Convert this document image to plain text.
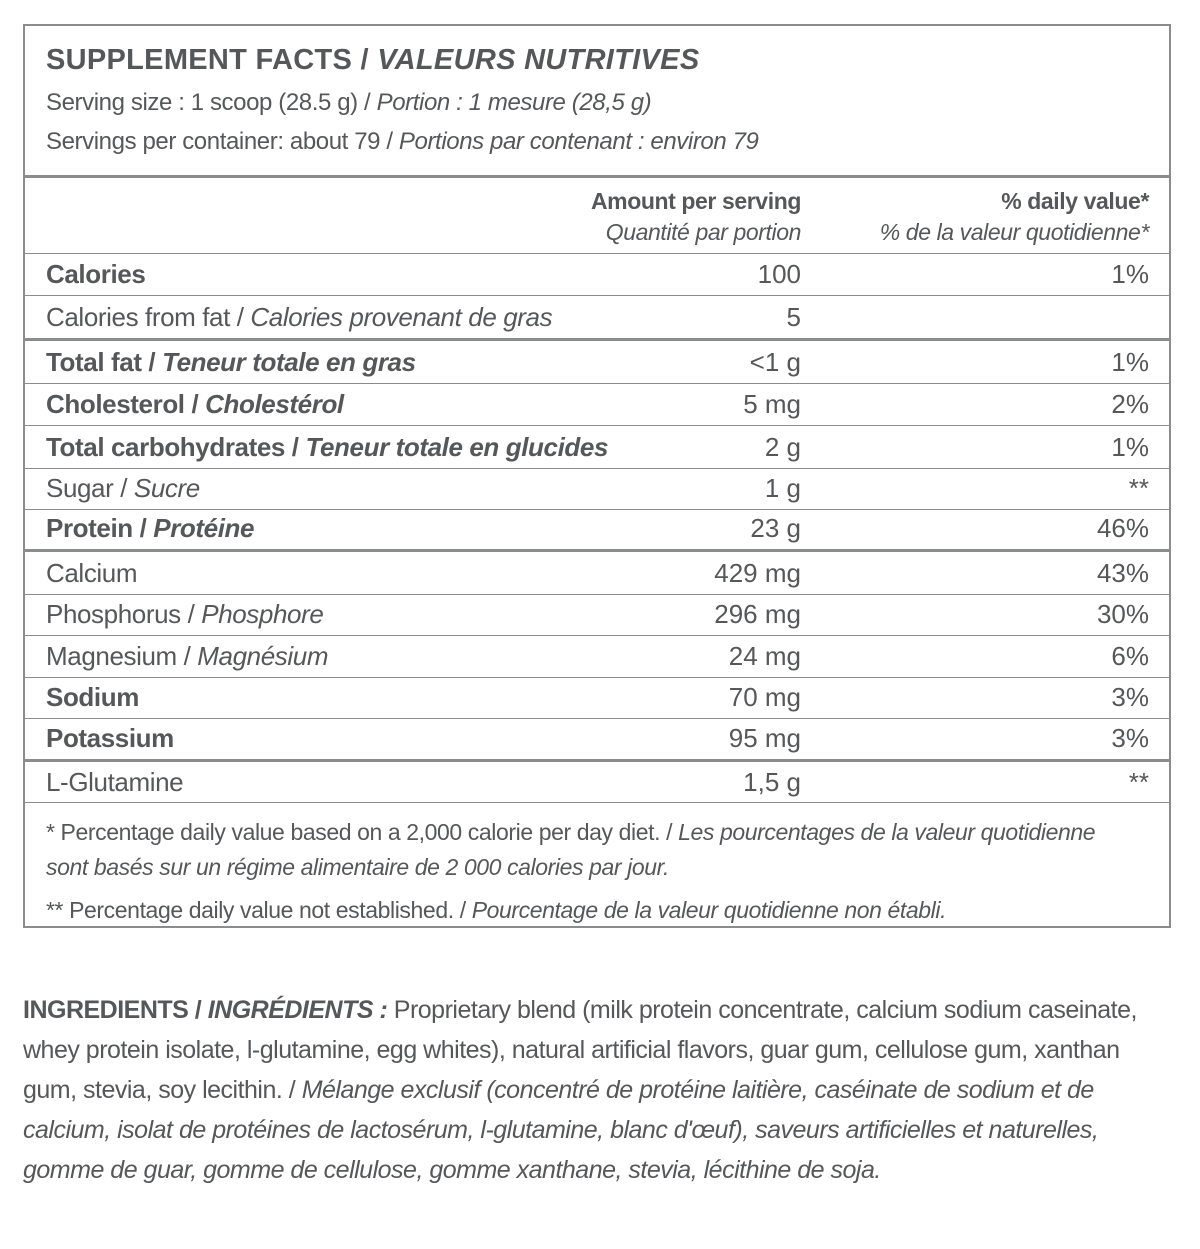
SUPPLEMENT FACTS / VALEURS NUTRITIVES
Serving size : 1 scoop (28.5 g) / Portion : 1 mesure (28,5 g)
Servings per container: about 79 / Portions par contenant : environ 79
Amount per serving
Quantité par portion
% daily value*
% de la valeur quotidienne*
Calories	100	1%
Calories from fat / Calories provenant de gras	5
Total fat / Teneur totale en gras	<1 g	1%
Cholesterol / Cholestérol	5 mg	2%
Total carbohydrates / Teneur totale en glucides	2 g	1%
Sugar / Sucre	1 g	**
Protein / Protéine	23 g	46%
Calcium	429 mg	43%
Phosphorus / Phosphore	296 mg	30%
Magnesium / Magnésium	24 mg	6%
Sodium	70 mg	3%
Potassium	95 mg	3%
L-Glutamine	1,5 g	**
* Percentage daily value based on a 2,000 calorie per day diet. / Les pourcentages de la valeur quotidienne sont basés sur un régime alimentaire de 2 000 calories par jour.
** Percentage daily value not established. / Pourcentage de la valeur quotidienne non établi.
INGREDIENTS / INGRÉDIENTS : Proprietary blend (milk protein concentrate, calcium sodium caseinate, whey protein isolate, l-glutamine, egg whites), natural artificial flavors, guar gum, cellulose gum, xanthan gum, stevia, soy lecithin. / Mélange exclusif (concentré de protéine laitière, caséinate de sodium et de calcium, isolat de protéines de lactosérum, l-glutamine, blanc d'œuf), saveurs artificielles et naturelles, gomme de guar, gomme de cellulose, gomme xanthane, stevia, lécithine de soja.
